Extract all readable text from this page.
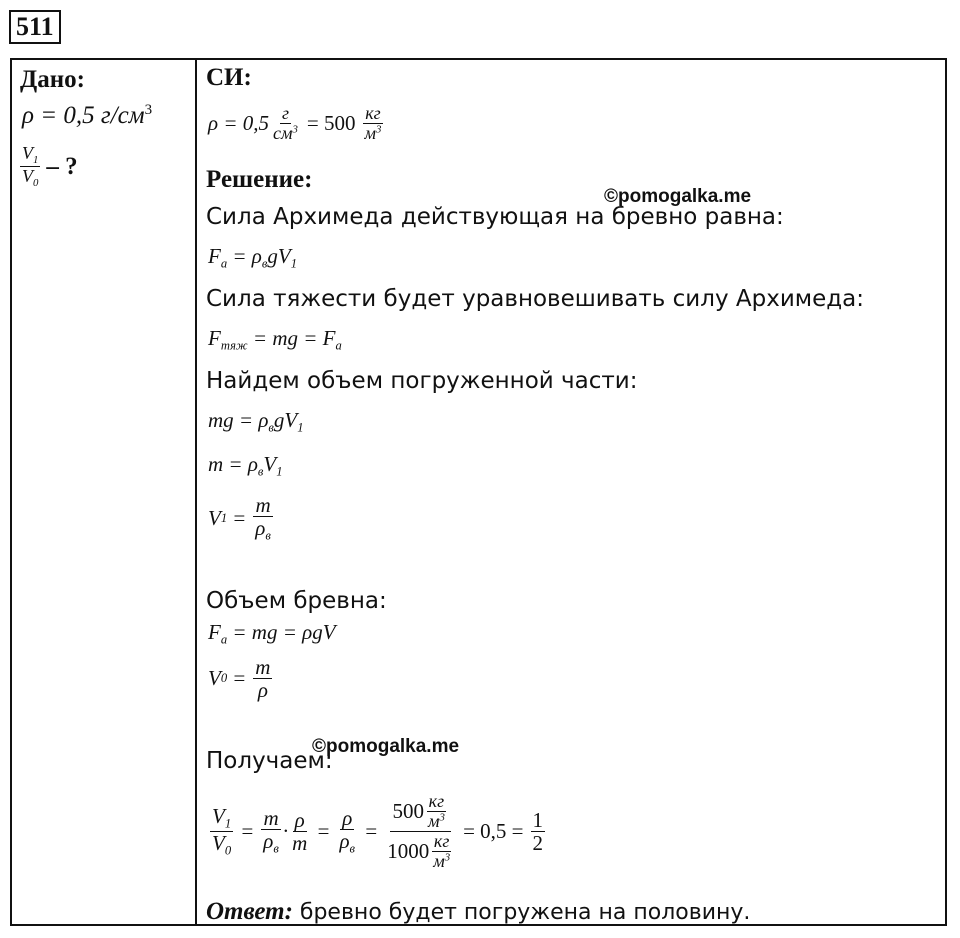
511
Дано:
ρ = 0,5 $г/см^3$
$\frac{V_1}{V_0}$ – ?
СИ:
$\rho = 0,5 \frac{г}{см^3} = 500 \frac{кг}{м^3}$
Решение:
©pomogalka.me
Сила Архимеда действующая на бревно равна:
$F_а = \rho_вgV_1$
Сила тяжести будет уравновешивать силу Архимеда:
$F_{тяж}$ = mg = $F_а$
Найдем объем погруженной части:
mg = $\rho_вgV_1$
$m = \rho_вV_1$
V $1 = \frac{m}{\rho_в}$
Объем бревна:
$F_а$ = mg = ρgV
V $0 = \frac{m}{\rho}$
©pomogalka.me
Получаем:
$\frac{V_1}{V_0} = \frac{m}{\rho_в} \cdot \frac{\rho}{m} = \frac{\rho}{\rho_в} = \frac{500 \frac{кг}{м^3}}{1000 \frac{кг}{м^3}} = 0,5 = \frac{1}{2}$
Ответ: бревно будет погружена на половину.
